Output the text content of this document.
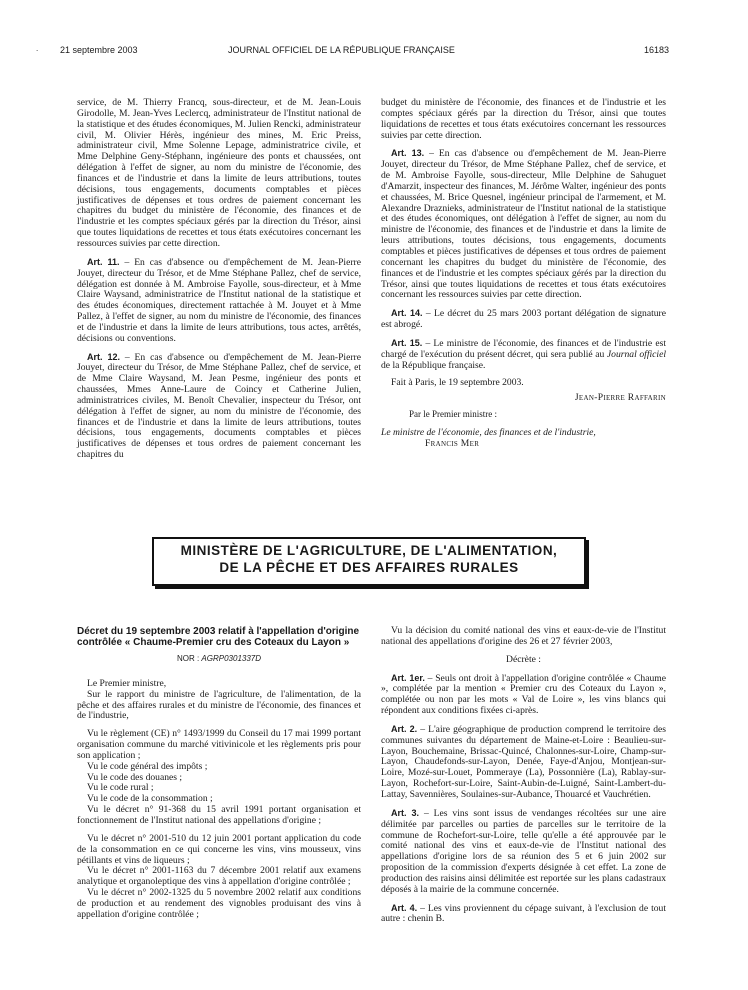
. 21 septembre 2003	JOURNAL OFFICIEL DE LA RÉPUBLIQUE FRANÇAISE	16183

service, de M. Thierry Francq, sous-directeur, et de M. Jean-Louis Girodolle, M. Jean-Yves Leclercq, administrateur de l'Institut national de la statistique et des études économiques, M. Julien Rencki, administrateur civil, M. Olivier Hérès, ingénieur des mines, M. Eric Preiss, administrateur civil, Mme Solenne Lepage, administratrice civile, et Mme Delphine Geny-Stéphann, ingénieure des ponts et chaussées, ont délégation à l'effet de signer, au nom du ministre de l'économie, des finances et de l'industrie et dans la limite de leurs attributions, toutes décisions, tous engagements, documents comptables et pièces justificatives de dépenses et tous ordres de paiement concernant les chapitres du budget du ministère de l'économie, des finances et de l'industrie et les comptes spéciaux gérés par la direction du Trésor, ainsi que toutes liquidations de recettes et tous états exécutoires concernant les ressources suivies par cette direction.

Art. 11. – En cas d'absence ou d'empêchement de M. Jean-Pierre Jouyet, directeur du Trésor, et de Mme Stéphane Pallez, chef de service, délégation est donnée à M. Ambroise Fayolle, sous-directeur, et à Mme Claire Waysand, administratrice de l'Institut national de la statistique et des études économiques, directement rattachée à M. Jouyet et à Mme Pallez, à l'effet de signer, au nom du ministre de l'économie, des finances et de l'industrie et dans la limite de leurs attributions, tous actes, arrêtés, décisions ou conventions.

Art. 12. – En cas d'absence ou d'empêchement de M. Jean-Pierre Jouyet, directeur du Trésor, de Mme Stéphane Pallez, chef de service, et de Mme Claire Waysand, M. Jean Pesme, ingénieur des ponts et chaussées, Mmes Anne-Laure de Coincy et Catherine Julien, administratrices civiles, M. Benoît Chevalier, inspecteur du Trésor, ont délégation à l'effet de signer, au nom du ministre de l'économie, des finances et de l'industrie et dans la limite de leurs attributions, toutes décisions, tous engagements, documents comptables et pièces justificatives de dépenses et tous ordres de paiement concernant les chapitres du

budget du ministère de l'économie, des finances et de l'industrie et les comptes spéciaux gérés par la direction du Trésor, ainsi que toutes liquidations de recettes et tous états exécutoires concernant les ressources suivies par cette direction.

Art. 13. – En cas d'absence ou d'empêchement de M. Jean-Pierre Jouyet, directeur du Trésor, de Mme Stéphane Pallez, chef de service, et de M. Ambroise Fayolle, sous-directeur, Mlle Delphine de Sahuguet d'Amarzit, inspecteur des finances, M. Jérôme Walter, ingénieur des ponts et chaussées, M. Brice Quesnel, ingénieur principal de l'armement, et M. Alexandre Draznieks, administrateur de l'Institut national de la statistique et des études économiques, ont délégation à l'effet de signer, au nom du ministre de l'économie, des finances et de l'industrie et dans la limite de leurs attributions, toutes décisions, tous engagements, documents comptables et pièces justificatives de dépenses et tous ordres de paiement concernant les chapitres du budget du ministère de l'économie, des finances et de l'industrie et les comptes spéciaux gérés par la direction du Trésor, ainsi que toutes liquidations de recettes et tous états exécutoires concernant les ressources suivies par cette direction.

Art. 14. – Le décret du 25 mars 2003 portant délégation de signature est abrogé.

Art. 15. – Le ministre de l'économie, des finances et de l'industrie est chargé de l'exécution du présent décret, qui sera publié au Journal officiel de la République française.

Fait à Paris, le 19 septembre 2003.

Jean-Pierre Raffarin

Par le Premier ministre :

Le ministre de l'économie, des finances et de l'industrie,

Francis Mer

MINISTÈRE DE L'AGRICULTURE, DE L'ALIMENTATION,
DE LA PÊCHE ET DES AFFAIRES RURALES

Décret du 19 septembre 2003 relatif à l'appellation d'origine contrôlée « Chaume-Premier cru des Coteaux du Layon »

NOR : AGRP0301337D

Le Premier ministre,

Sur le rapport du ministre de l'agriculture, de l'alimentation, de la pêche et des affaires rurales et du ministre de l'économie, des finances et de l'industrie,

Vu le règlement (CE) n° 1493/1999 du Conseil du 17 mai 1999 portant organisation commune du marché vitivinicole et les règlements pris pour son application ;

Vu le code général des impôts ;

Vu le code des douanes ;

Vu le code rural ;

Vu le code de la consommation ;

Vu le décret n° 91-368 du 15 avril 1991 portant organisation et fonctionnement de l'Institut national des appellations d'origine ;

Vu le décret n° 2001-510 du 12 juin 2001 portant application du code de la consommation en ce qui concerne les vins, vins mousseux, vins pétillants et vins de liqueurs ;

Vu le décret n° 2001-1163 du 7 décembre 2001 relatif aux examens analytique et organoleptique des vins à appellation d'origine contrôlée ;

Vu le décret n° 2002-1325 du 5 novembre 2002 relatif aux conditions de production et au rendement des vignobles produisant des vins à appellation d'origine contrôlée ;

Vu la décision du comité national des vins et eaux-de-vie de l'Institut national des appellations d'origine des 26 et 27 février 2003,

Décrète :

Art. 1er. – Seuls ont droit à l'appellation d'origine contrôlée « Chaume », complétée par la mention « Premier cru des Coteaux du Layon », complétée ou non par les mots « Val de Loire », les vins blancs qui répondent aux conditions fixées ci-après.

Art. 2. – L'aire géographique de production comprend le territoire des communes suivantes du département de Maine-et-Loire : Beaulieu-sur-Layon, Bouchemaine, Brissac-Quincé, Chalonnes-sur-Loire, Champ-sur-Layon, Chaudefonds-sur-Layon, Denée, Faye-d'Anjou, Montjean-sur-Loire, Mozé-sur-Louet, Pommeraye (La), Possonnière (La), Rablay-sur-Layon, Rochefort-sur-Loire, Saint-Aubin-de-Luigné, Saint-Lambert-du-Lattay, Savennières, Soulaines-sur-Aubance, Thouarcé et Vauchrétien.

Art. 3. – Les vins sont issus de vendanges récoltées sur une aire délimitée par parcelles ou parties de parcelles sur le territoire de la commune de Rochefort-sur-Loire, telle qu'elle a été approuvée par le comité national des vins et eaux-de-vie de l'Institut national des appellations d'origine lors de sa réunion des 5 et 6 juin 2002 sur proposition de la commission d'experts désignée à cet effet. La zone de production des raisins ainsi délimitée est reportée sur les plans cadastraux déposés à la mairie de la commune concernée.

Art. 4. – Les vins proviennent du cépage suivant, à l'exclusion de tout autre : chenin B.
